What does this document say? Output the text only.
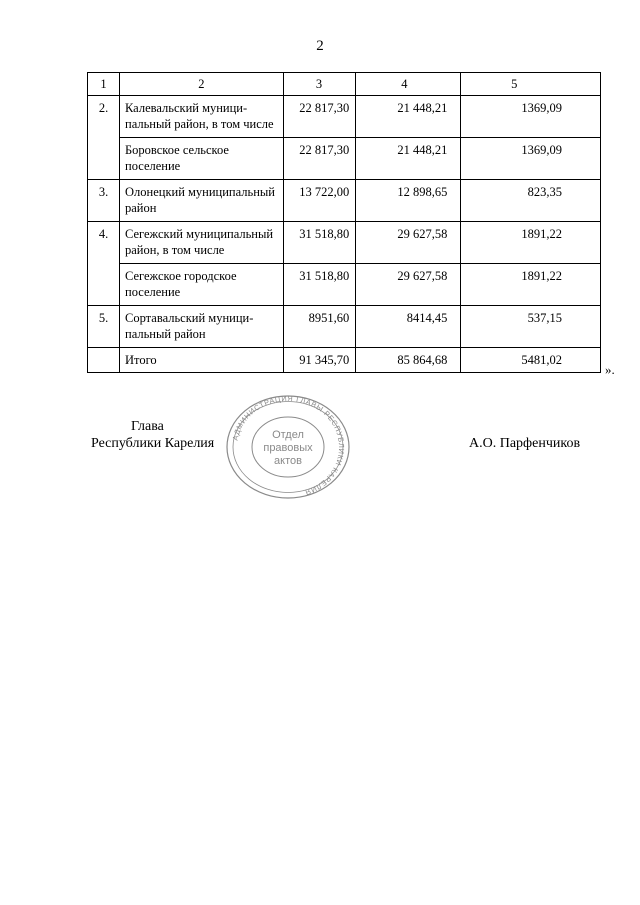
2
1	2	3	4	5
2.	Калевальский муници-пальный район, в том числе	22 817,30	21 448,21	1369,09
	Боровское сельское поселение	22 817,30	21 448,21	1369,09
3.	Олонецкий муниципальный район	13 722,00	12 898,65	823,35
4.	Сегежский муниципальный район, в том числе	31 518,80	29 627,58	1891,22
	Сегежское городское поселение	31 518,80	29 627,58	1891,22
5.	Сортавальский муници-пальный район	8951,60	8414,45	537,15
	Итого	91 345,70	85 864,68	5481,02
».
Глава
Республики Карелия	А.О. Парфенчиков
АДМИНИСТРАЦИЯ ГЛАВЫ РЕСПУБЛИКИ КАРЕЛИЯ
Отдел
правовых
актов
